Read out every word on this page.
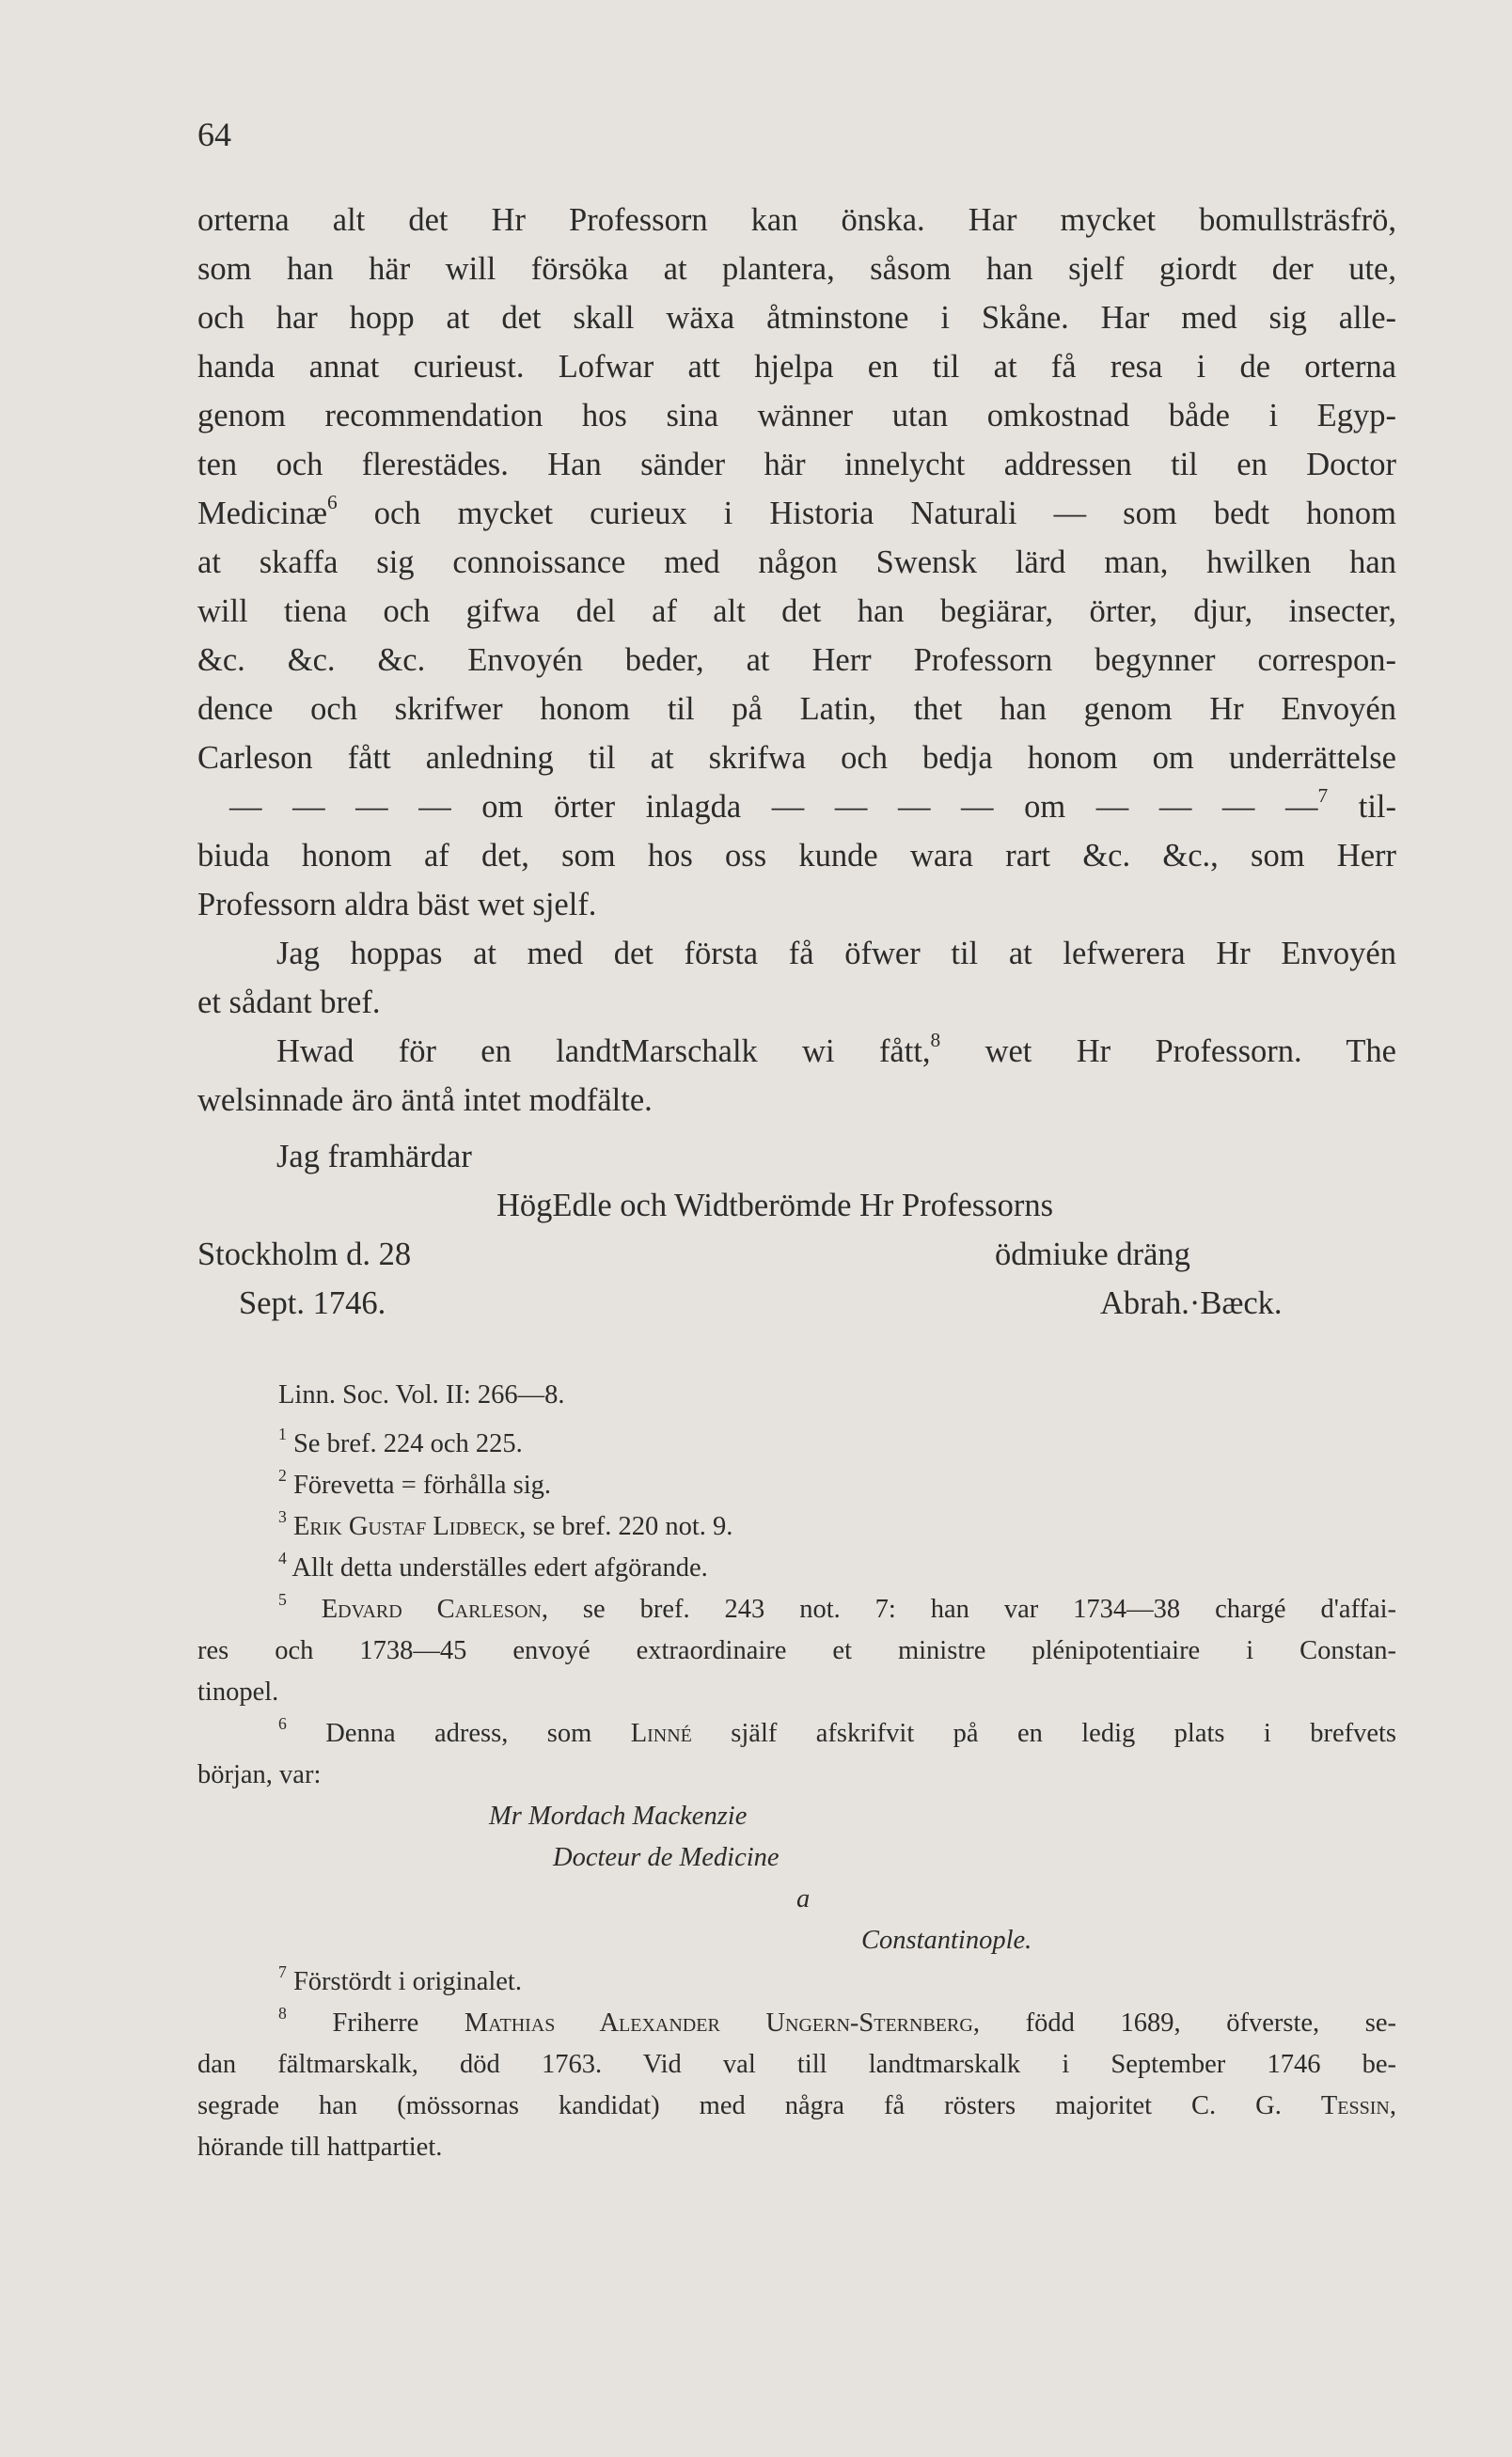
64
orterna alt det Hr Professorn kan önska. Har mycket bomullsträsfrö,
som han här will försöka at plantera, såsom han sjelf giordt der ute,
och har hopp at det skall wäxa åtminstone i Skåne. Har med sig alle-
handa annat curieust. Lofwar att hjelpa en til at få resa i de orterna
genom recommendation hos sina wänner utan omkostnad både i Egyp-
ten och flerestädes. Han sänder här innelycht addressen til en Doctor
Medicinæ$^6$ och mycket curieux i Historia Naturali — som bedt honom
at skaffa sig connoissance med någon Swensk lärd man, hwilken han
will tiena och gifwa del af alt det han begiärar, örter, djur, insecter,
&c. &c. &c. Envoyén beder, at Herr Professorn begynner correspon-
dence och skrifwer honom til på Latin, thet han genom Hr Envoyén
Carleson fått anledning til at skrifwa och bedja honom om underrättelse
— — — — om örter inlagda — — — — om — — — —$^7$ til-
biuda honom af det, som hos oss kunde wara rart &c. &c., som Herr
Professorn aldra bäst wet sjelf.
Jag hoppas at med det första få öfwer til at lefwerera Hr Envoyén
et sådant bref.
Hwad för en landtMarschalk wi fått,$^8$ wet Hr Professorn. The
welsinnade äro äntå intet modfälte.
Jag framhärdar
HögEdle och Widtberömde Hr Professorns
Stockholm d. 28	ödmiuke dräng
Sept. 1746.	Abrah.·Bæck.
Linn. Soc. Vol. II: 266—8.
$^1$ Se bref. 224 och 225.
$^2$ Förevetta = förhålla sig.
$^3$ Erik Gustaf Lidbeck, se bref. 220 not. 9.
$^4$ Allt detta underställes edert afgörande.
$^5$ Edvard Carleson, se bref. 243 not. 7: han var 1734—38 chargé d'affai-
res och 1738—45 envoyé extraordinaire et ministre plénipotentiaire i Constan-
tinopel.
$^6$ Denna adress, som Linné själf afskrifvit på en ledig plats i brefvets
början, var:
Mr Mordach Mackenzie
Docteur de Medicine
a
Constantinople.
$^7$ Förstördt i originalet.
$^8$ Friherre Mathias Alexander Ungern-Sternberg, född 1689, öfverste, se-
dan fältmarskalk, död 1763. Vid val till landtmarskalk i September 1746 be-
segrade han (mössornas kandidat) med några få rösters majoritet C. G. Tessin,
hörande till hattpartiet.
